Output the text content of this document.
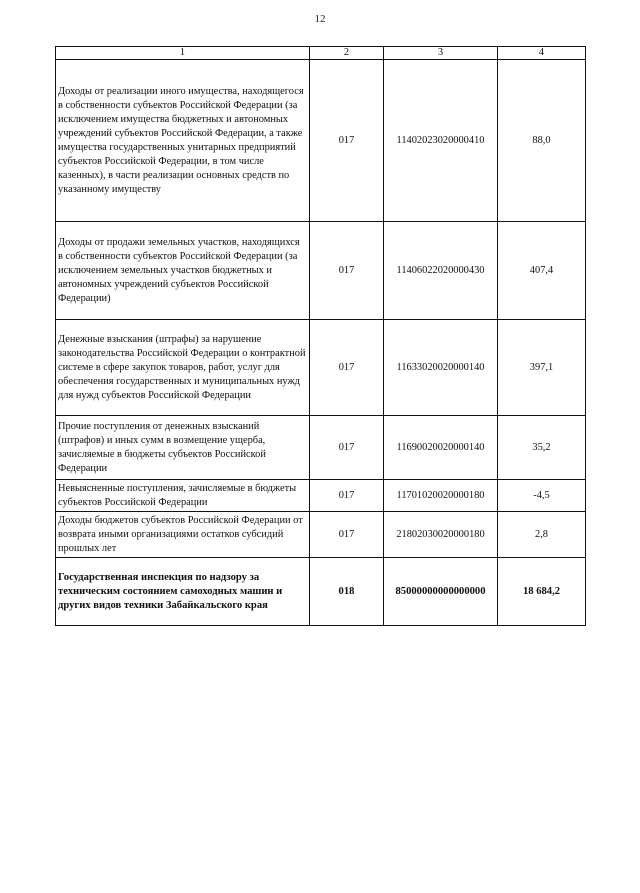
12
1	2	3	4
Доходы от реализации иного имущества, находящегося в собственности субъектов Российской Федерации (за исключением имущества бюджетных и автономных учреждений субъектов Российской Федерации, а также имущества государственных унитарных предприятий субъектов Российской Федерации, в том числе казенных), в части реализации основных средств по указанному имуществу	017	11402023020000410	88,0
Доходы от продажи земельных участков, находящихся в собственности субъектов Российской Федерации (за исключением земельных участков бюджетных и автономных учреждений субъектов Российской Федерации)	017	11406022020000430	407,4
Денежные взыскания (штрафы) за нарушение законодательства Российской Федерации о контрактной системе в сфере закупок товаров, работ, услуг для обеспечения государственных и муниципальных нужд для нужд субъектов Российской Федерации	017	11633020020000140	397,1
Прочие поступления от денежных взысканий (штрафов) и иных сумм в возмещение ущерба, зачисляемые в бюджеты субъектов Российской Федерации	017	11690020020000140	35,2
Невыясненные поступления, зачисляемые в бюджеты субъектов Российской Федерации	017	11701020020000180	-4,5
Доходы бюджетов субъектов Российской Федерации от возврата иными организациями остатков субсидий прошлых лет	017	21802030020000180	2,8
Государственная инспекция по надзору за техническим состоянием самоходных машин и других видов техники Забайкальского края	018	85000000000000000	18 684,2
